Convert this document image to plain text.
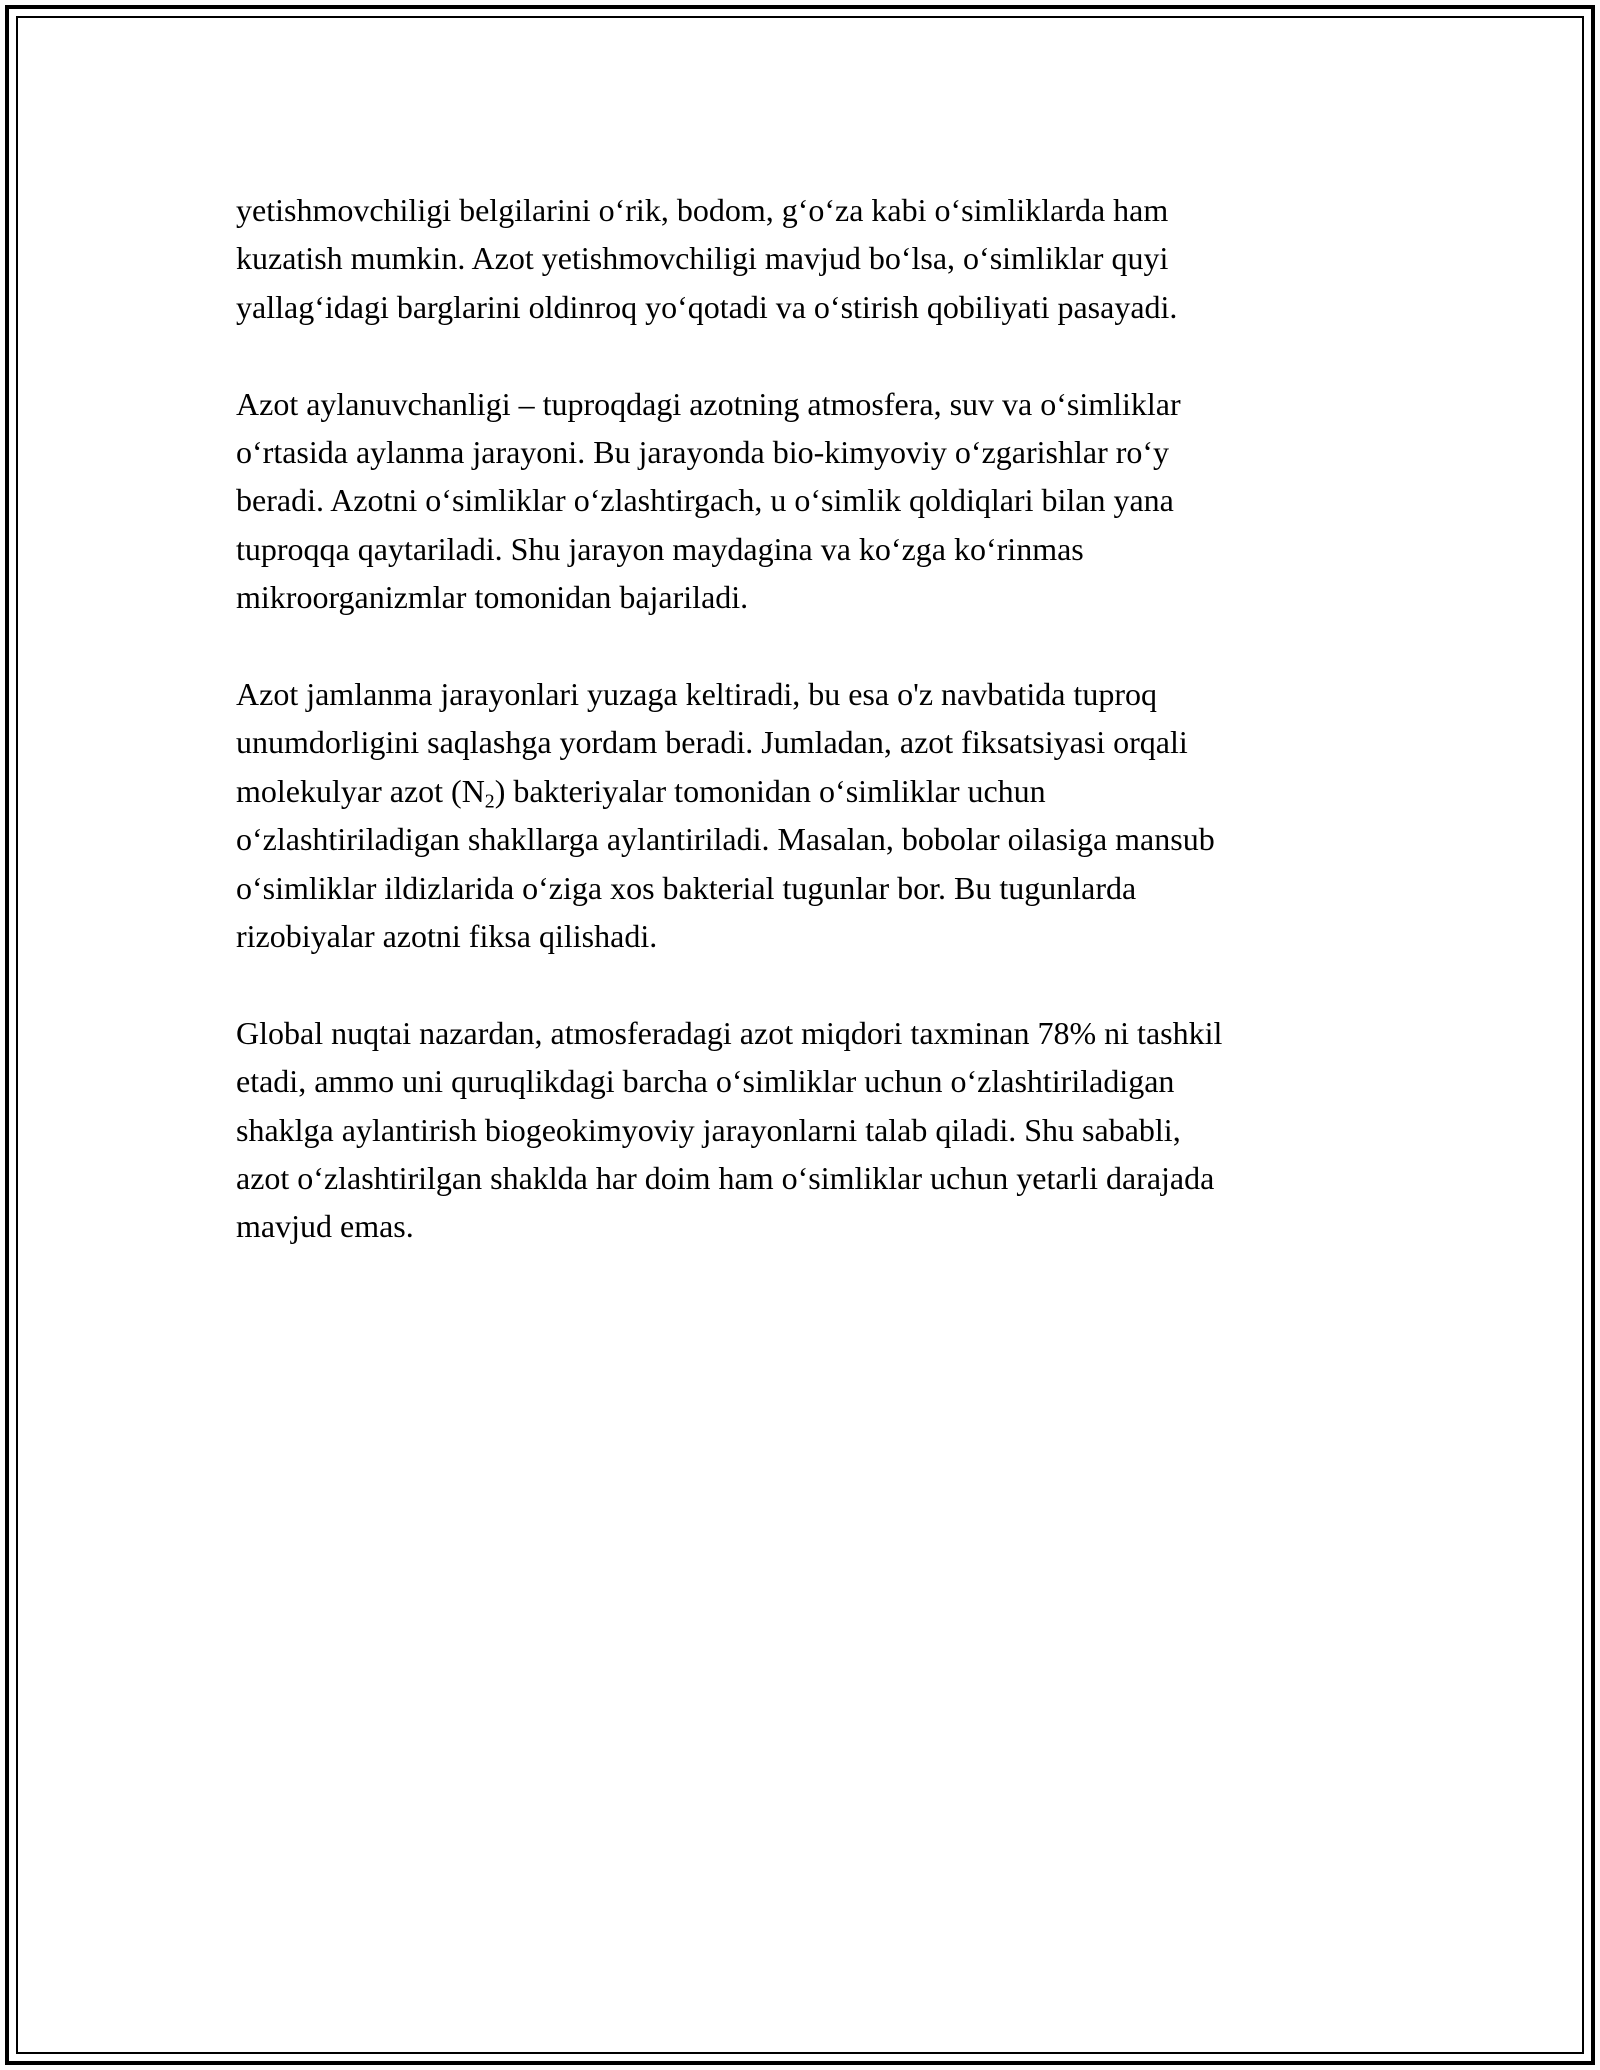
yetishmovchiligi belgilarini o‘rik, bodom, g‘o‘za kabi o‘simliklarda ham
kuzatish mumkin. Azot yetishmovchiligi mavjud bo‘lsa, o‘simliklar quyi
yallag‘idagi barglarini oldinroq yo‘qotadi va o‘stirish qobiliyati pasayadi.

Azot aylanuvchanligi – tuproqdagi azotning atmosfera, suv va o‘simliklar
o‘rtasida aylanma jarayoni. Bu jarayonda bio-kimyoviy o‘zgarishlar ro‘y
beradi. Azotni o‘simliklar o‘zlashtirgach, u o‘simlik qoldiqlari bilan yana
tuproqqa qaytariladi. Shu jarayon maydagina va ko‘zga ko‘rinmas
mikroorganizmlar tomonidan bajariladi.

Azot jamlanma jarayonlari yuzaga keltiradi, bu esa o'z navbatida tuproq
unumdorligini saqlashga yordam beradi. Jumladan, azot fiksatsiyasi orqali
molekulyar azot $(N_2)$ bakteriyalar tomonidan o‘simliklar uchun
o‘zlashtiriladigan shakllarga aylantiriladi. Masalan, bobolar oilasiga mansub
o‘simliklar ildizlarida o‘ziga xos bakterial tugunlar bor. Bu tugunlarda
rizobiyalar azotni fiksa qilishadi.

Global nuqtai nazardan, atmosferadagi azot miqdori taxminan 78% ni tashkil
etadi, ammo uni quruqlikdagi barcha o‘simliklar uchun o‘zlashtiriladigan
shaklga aylantirish biogeokimyoviy jarayonlarni talab qiladi. Shu sababli,
azot o‘zlashtirilgan shaklda har doim ham o‘simliklar uchun yetarli darajada
mavjud emas.
